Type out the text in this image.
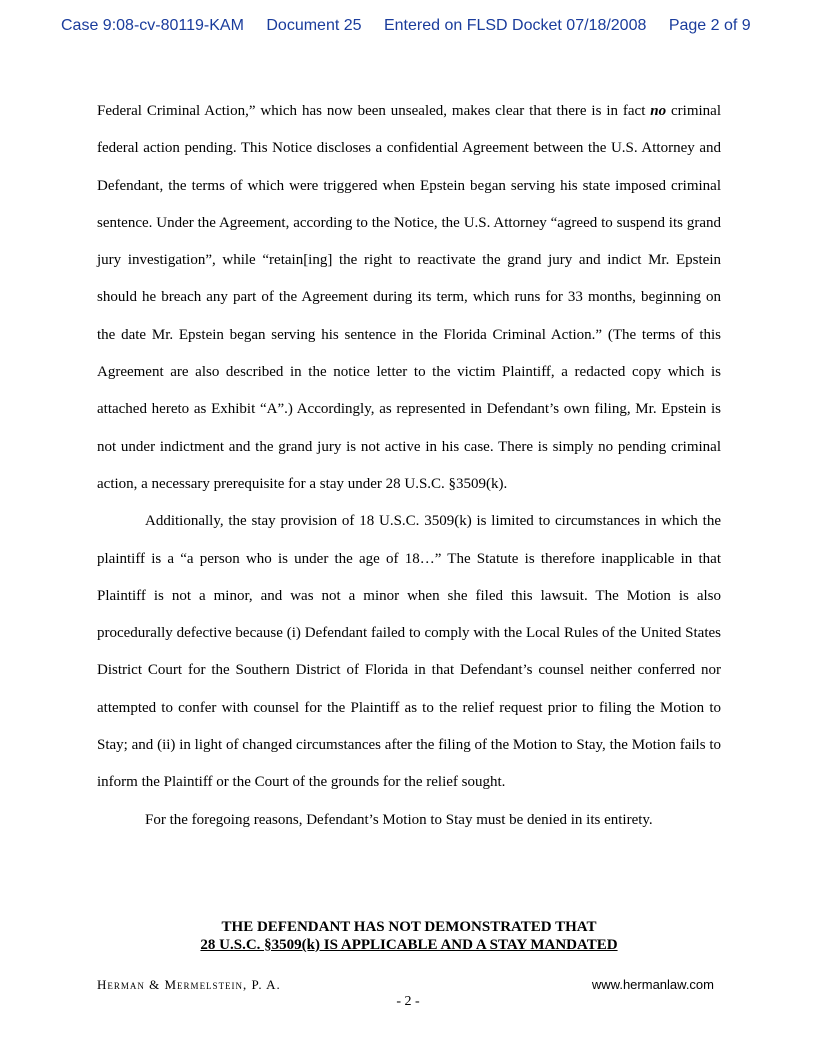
Case 9:08-cv-80119-KAM Document 25 Entered on FLSD Docket 07/18/2008 Page 2 of 9

Federal Criminal Action,” which has now been unsealed, makes clear that there is in fact no criminal federal action pending. This Notice discloses a confidential Agreement between the U.S. Attorney and Defendant, the terms of which were triggered when Epstein began serving his state imposed criminal sentence. Under the Agreement, according to the Notice, the U.S. Attorney “agreed to suspend its grand jury investigation”, while “retain[ing] the right to reactivate the grand jury and indict Mr. Epstein should he breach any part of the Agreement during its term, which runs for 33 months, beginning on the date Mr. Epstein began serving his sentence in the Florida Criminal Action.” (The terms of this Agreement are also described in the notice letter to the victim Plaintiff, a redacted copy which is attached hereto as Exhibit “A”.) Accordingly, as represented in Defendant’s own filing, Mr. Epstein is not under indictment and the grand jury is not active in his case. There is simply no pending criminal action, a necessary prerequisite for a stay under 28 U.S.C. §3509(k).

Additionally, the stay provision of 18 U.S.C. 3509(k) is limited to circumstances in which the plaintiff is a “a person who is under the age of 18…” The Statute is therefore inapplicable in that Plaintiff is not a minor, and was not a minor when she filed this lawsuit. The Motion is also procedurally defective because (i) Defendant failed to comply with the Local Rules of the United States District Court for the Southern District of Florida in that Defendant’s counsel neither conferred nor attempted to confer with counsel for the Plaintiff as to the relief request prior to filing the Motion to Stay; and (ii) in light of changed circumstances after the filing of the Motion to Stay, the Motion fails to inform the Plaintiff or the Court of the grounds for the relief sought.

For the foregoing reasons, Defendant’s Motion to Stay must be denied in its entirety.

THE DEFENDANT HAS NOT DEMONSTRATED THAT
28 U.S.C. §3509(k) IS APPLICABLE AND A STAY MANDATED
Herman & Mermelstein, P. A.	www.hermanlaw.com
- 2 -
